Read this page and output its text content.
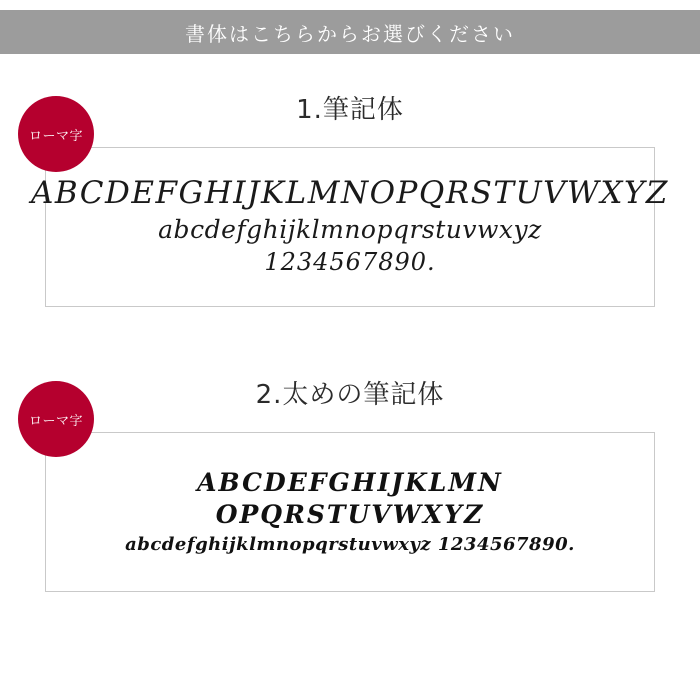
書体はこちらからお選びください
1.筆記体
ABCDEFGHIJKLMNOPQRSTUVWXYZ
abcdefghijklmnopqrstuvwxyz
1234567890.
ローマ字
2.太めの筆記体
ABCDEFGHIJKLMN
OPQRSTUVWXYZ
abcdefghijklmnopqrstuvwxyz 1234567890.
ローマ字
